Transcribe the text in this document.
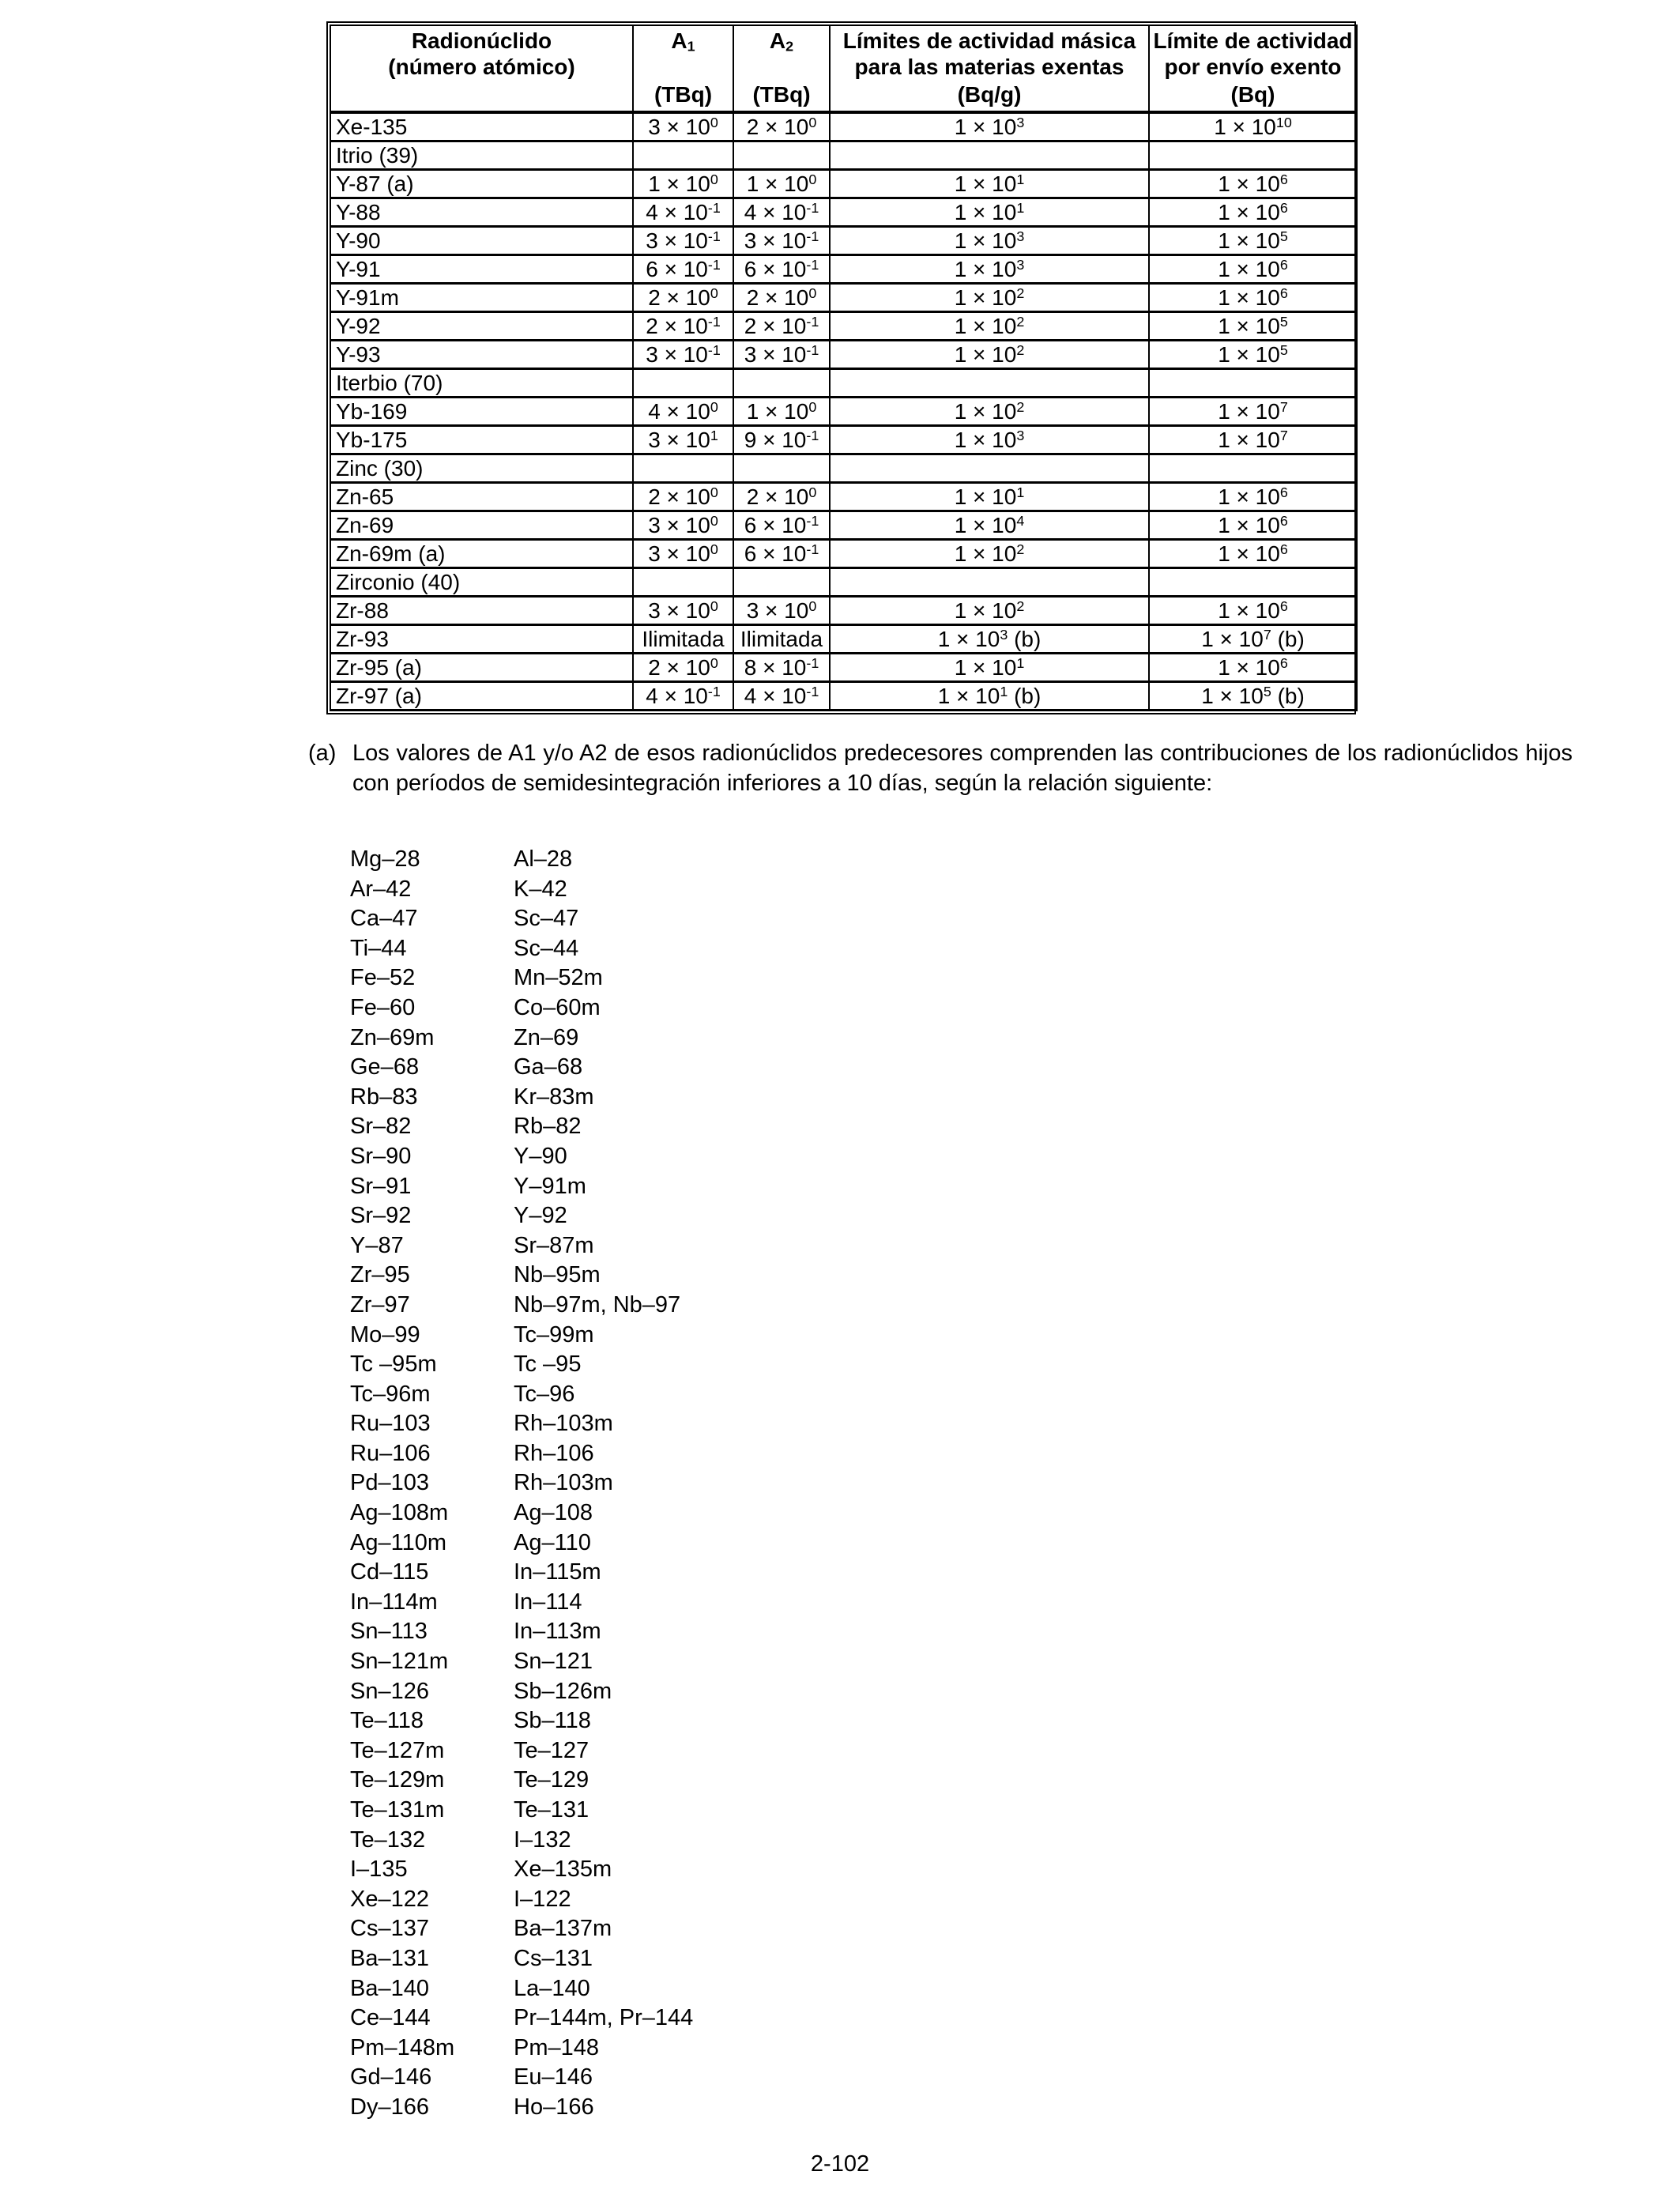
Radionúclido
(número atómico)

$A_1$
(TBq)

$A_2$
(TBq)

Límites de actividad másica
para las materias exentas
(Bq/g)

Límite de actividad
por envío exento
(Bq)

Xe-135	$3 \times 10^0$	$2 \times 10^0$	$1 \times 10^3$	$1 \times 10^{10}$
Itrio (39)				
Y-87 (a)	$1 \times 10^0$	$1 \times 10^0$	$1 \times 10^1$	$1 \times 10^6$
Y-88	$4 \times 10^{-1}$	$4 \times 10^{-1}$	$1 \times 10^1$	$1 \times 10^6$
Y-90	$3 \times 10^{-1}$	$3 \times 10^{-1}$	$1 \times 10^3$	$1 \times 10^5$
Y-91	$6 \times 10^{-1}$	$6 \times 10^{-1}$	$1 \times 10^3$	$1 \times 10^6$
Y-91m	$2 \times 10^0$	$2 \times 10^0$	$1 \times 10^2$	$1 \times 10^6$
Y-92	$2 \times 10^{-1}$	$2 \times 10^{-1}$	$1 \times 10^2$	$1 \times 10^5$
Y-93	$3 \times 10^{-1}$	$3 \times 10^{-1}$	$1 \times 10^2$	$1 \times 10^5$
Iterbio (70)				
Yb-169	$4 \times 10^0$	$1 \times 10^0$	$1 \times 10^2$	$1 \times 10^7$
Yb-175	$3 \times 10^1$	$9 \times 10^{-1}$	$1 \times 10^3$	$1 \times 10^7$
Zinc (30)				
Zn-65	$2 \times 10^0$	$2 \times 10^0$	$1 \times 10^1$	$1 \times 10^6$
Zn-69	$3 \times 10^0$	$6 \times 10^{-1}$	$1 \times 10^4$	$1 \times 10^6$
Zn-69m (a)	$3 \times 10^0$	$6 \times 10^{-1}$	$1 \times 10^2$	$1 \times 10^6$
Zirconio (40)				
Zr-88	$3 \times 10^0$	$3 \times 10^0$	$1 \times 10^2$	$1 \times 10^6$
Zr-93	Ilimitada	Ilimitada	$1 \times 10^3$ (b)	$1 \times 10^7$ (b)
Zr-95 (a)	$2 \times 10^0$	$8 \times 10^{-1}$	$1 \times 10^1$	$1 \times 10^6$
Zr-97 (a)	$4 \times 10^{-1}$	$4 \times 10^{-1}$	$1 \times 10^1$ (b)	$1 \times 10^5$ (b)
(a) Los valores de A1 y/o A2 de esos radionúclidos predecesores comprenden las contribuciones de los radionúclidos hijos con períodos de semidesintegración inferiores a 10 días, según la relación siguiente:
Mg–28	Al–28
Ar–42	K–42
Ca–47	Sc–47
Ti–44	Sc–44
Fe–52	Mn–52m
Fe–60	Co–60m
Zn–69m	Zn–69
Ge–68	Ga–68
Rb–83	Kr–83m
Sr–82	Rb–82
Sr–90	Y–90
Sr–91	Y–91m
Sr–92	Y–92
Y–87	Sr–87m
Zr–95	Nb–95m
Zr–97	Nb–97m, Nb–97
Mo–99	Tc–99m
Tc –95m	Tc –95
Tc–96m	Tc–96
Ru–103	Rh–103m
Ru–106	Rh–106
Pd–103	Rh–103m
Ag–108m	Ag–108
Ag–110m	Ag–110
Cd–115	In–115m
In–114m	In–114
Sn–113	In–113m
Sn–121m	Sn–121
Sn–126	Sb–126m
Te–118	Sb–118
Te–127m	Te–127
Te–129m	Te–129
Te–131m	Te–131
Te–132	I–132
I–135	Xe–135m
Xe–122	I–122
Cs–137	Ba–137m
Ba–131	Cs–131
Ba–140	La–140
Ce–144	Pr–144m, Pr–144
Pm–148m	Pm–148
Gd–146	Eu–146
Dy–166	Ho–166
2-102
